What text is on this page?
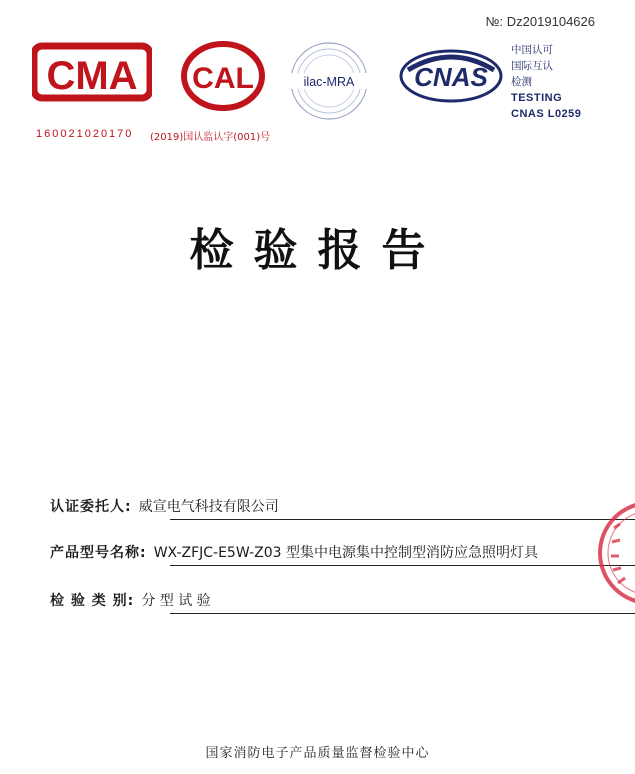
№: Dz2019104626
CMA
160021020170
CAL
(2019)国认监认字(001)号
ilac-MRA CNAS
中国认可
国际互认
检测
TESTING
CNAS L0259
检验报告
认证委托人: 威宣电气科技有限公司
产品型号名称: WX-ZFJC-E5W-Z03 型集中电源集中控制型消防应急照明灯具
检 验 类 别: 分 型 试 验
国家消防电子产品质量监督检验中心
